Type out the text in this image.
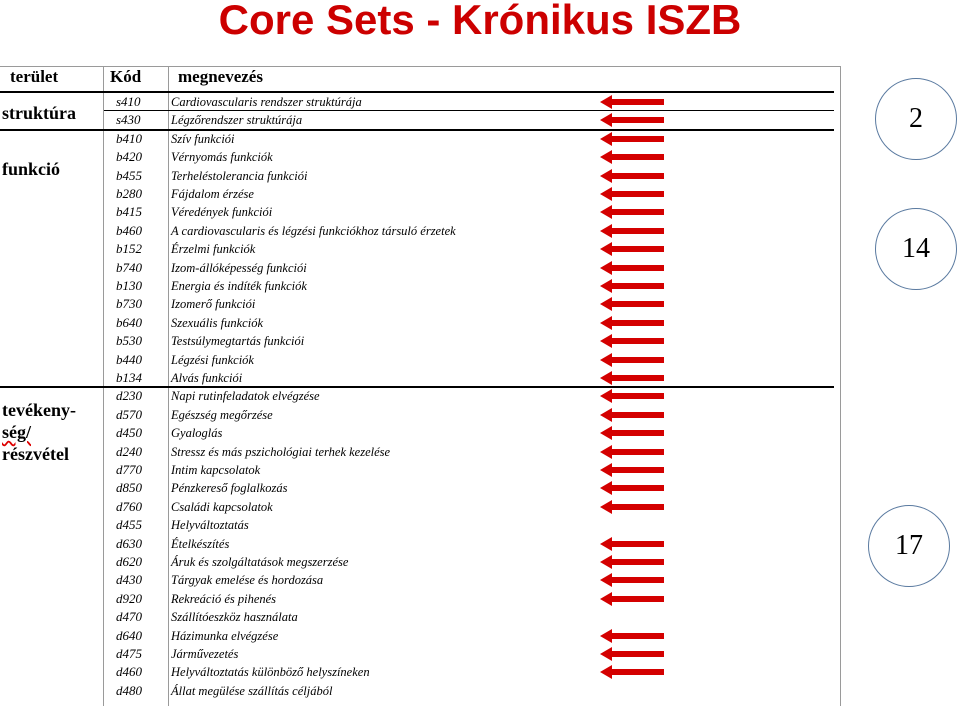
Core Sets - Krónikus ISZB
terület	Kód megnevezés
struktúra
funkció
tevékeny-
ség/
részvétel
s410 Cardiovascularis rendszer struktúrája
s430 Légzőrendszer struktúrája
b410 Szív funkciói
b420 Vérnyomás funkciók
b455 Terheléstolerancia funkciói
b280 Fájdalom érzése
b415 Véredények funkciói
b460 A cardiovascularis és légzési funkciókhoz társuló érzetek
b152 Érzelmi funkciók
b740 Izom-állóképesség funkciói
b130 Energia és indíték funkciók
b730 Izomerő funkciói
b640 Szexuális funkciók
b530 Testsúlymegtartás funkciói
b440 Légzési funkciók
b134 Alvás funkciói
d230 Napi rutinfeladatok elvégzése
d570 Egészség megőrzése
d450 Gyaloglás
d240 Stressz és más pszichológiai terhek kezelése
d770 Intim kapcsolatok
d850 Pénzkereső foglalkozás
d760 Családi kapcsolatok
d455 Helyváltoztatás
d630 Ételkészítés
d620 Áruk és szolgáltatások megszerzése
d430 Tárgyak emelése és hordozása
d920 Rekreáció és pihenés
d470 Szállítóeszköz használata
d640 Házimunka elvégzése
d475 Járművezetés
d460 Helyváltoztatás különböző helyszíneken
d480 Állat megülése szállítás céljából
2
14
17
